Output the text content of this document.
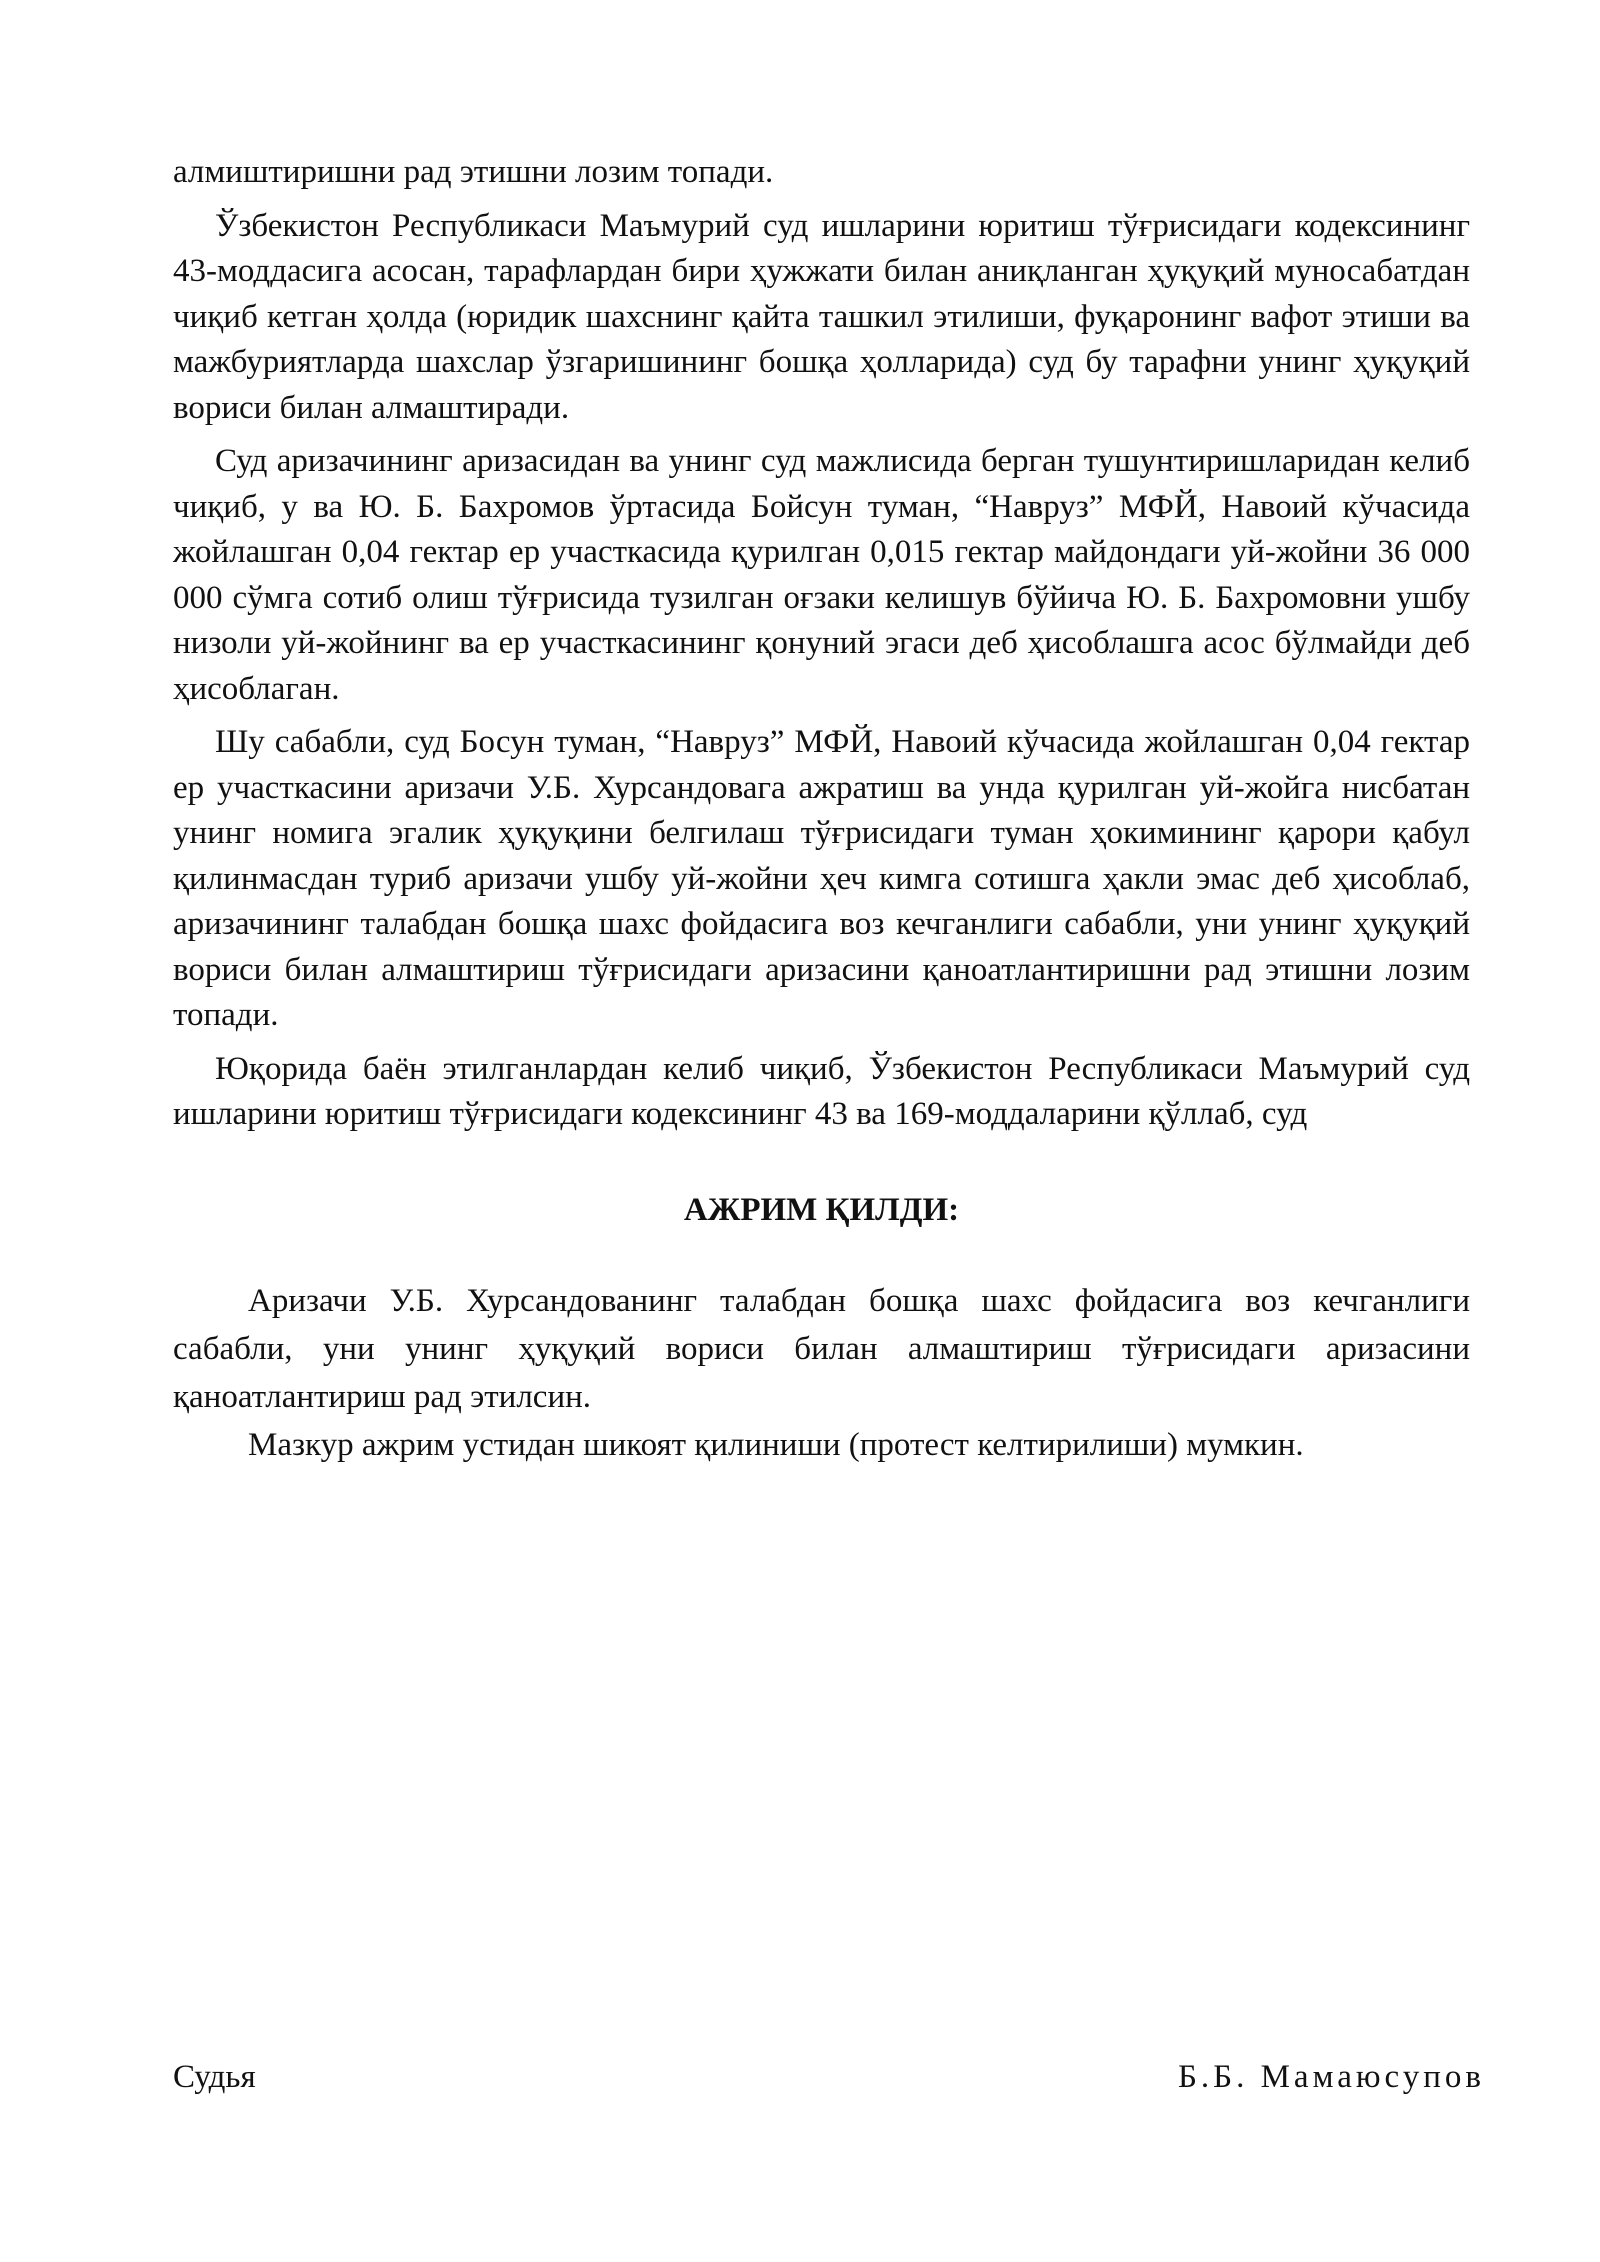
алмиштиришни рад этишни лозим топади.

Ўзбекистон Республикаси Маъмурий суд ишларини юритиш тўғрисидаги кодексининг 43-моддасига асосан, тарафлардан бири ҳужжати билан аниқланган ҳуқуқий муносабатдан чиқиб кетган ҳолда (юридик шахснинг қайта ташкил этилиши, фуқаронинг вафот этиши ва мажбуриятларда шахслар ўзгаришининг бошқа ҳолларида) суд бу тарафни унинг ҳуқуқий вориси билан алмаштиради.

Суд аризачининг аризасидан ва унинг суд мажлисида берган тушунтиришларидан келиб чиқиб, у ва Ю. Б. Бахромов ўртасида Бойсун туман, “Навруз” МФЙ, Навоий кўчасида жойлашган 0,04 гектар ер участкасида қурилган 0,015 гектар майдондаги уй-жойни 36 000 000 сўмга сотиб олиш тўғрисида тузилган оғзаки келишув бўйича Ю. Б. Бахромовни ушбу низоли уй-жойнинг ва ер участкасининг қонуний эгаси деб ҳисоблашга асос бўлмайди деб ҳисоблаган.

Шу сабабли, суд Босун туман, “Навруз” МФЙ, Навоий кўчасида жойлашган 0,04 гектар ер участкасини аризачи У.Б. Хурсандовага ажратиш ва унда қурилган уй-жойга нисбатан унинг номига эгалик ҳуқуқини белгилаш тўғрисидаги туман ҳокимининг қарори қабул қилинмасдан туриб аризачи ушбу уй-жойни ҳеч кимга сотишга ҳакли эмас деб ҳисоблаб, аризачининг талабдан бошқа шахс фойдасига воз кечганлиги сабабли, уни унинг ҳуқуқий вориси билан алмаштириш тўғрисидаги аризасини қаноатлантиришни рад этишни лозим топади.

Юқорида баён этилганлардан келиб чиқиб, Ўзбекистон Республикаси Маъмурий суд ишларини юритиш тўғрисидаги кодексининг 43 ва 169-моддаларини қўллаб, суд

АЖРИМ ҚИЛДИ:

Аризачи У.Б. Хурсандованинг талабдан бошқа шахс фойдасига воз кечганлиги сабабли, уни унинг ҳуқуқий вориси билан алмаштириш тўғрисидаги аризасини қаноатлантириш рад этилсин.

Мазкур ажрим устидан шикоят қилиниши (протест келтирилиши) мумкин.

Судья	Б.Б. Мамаюсупов
